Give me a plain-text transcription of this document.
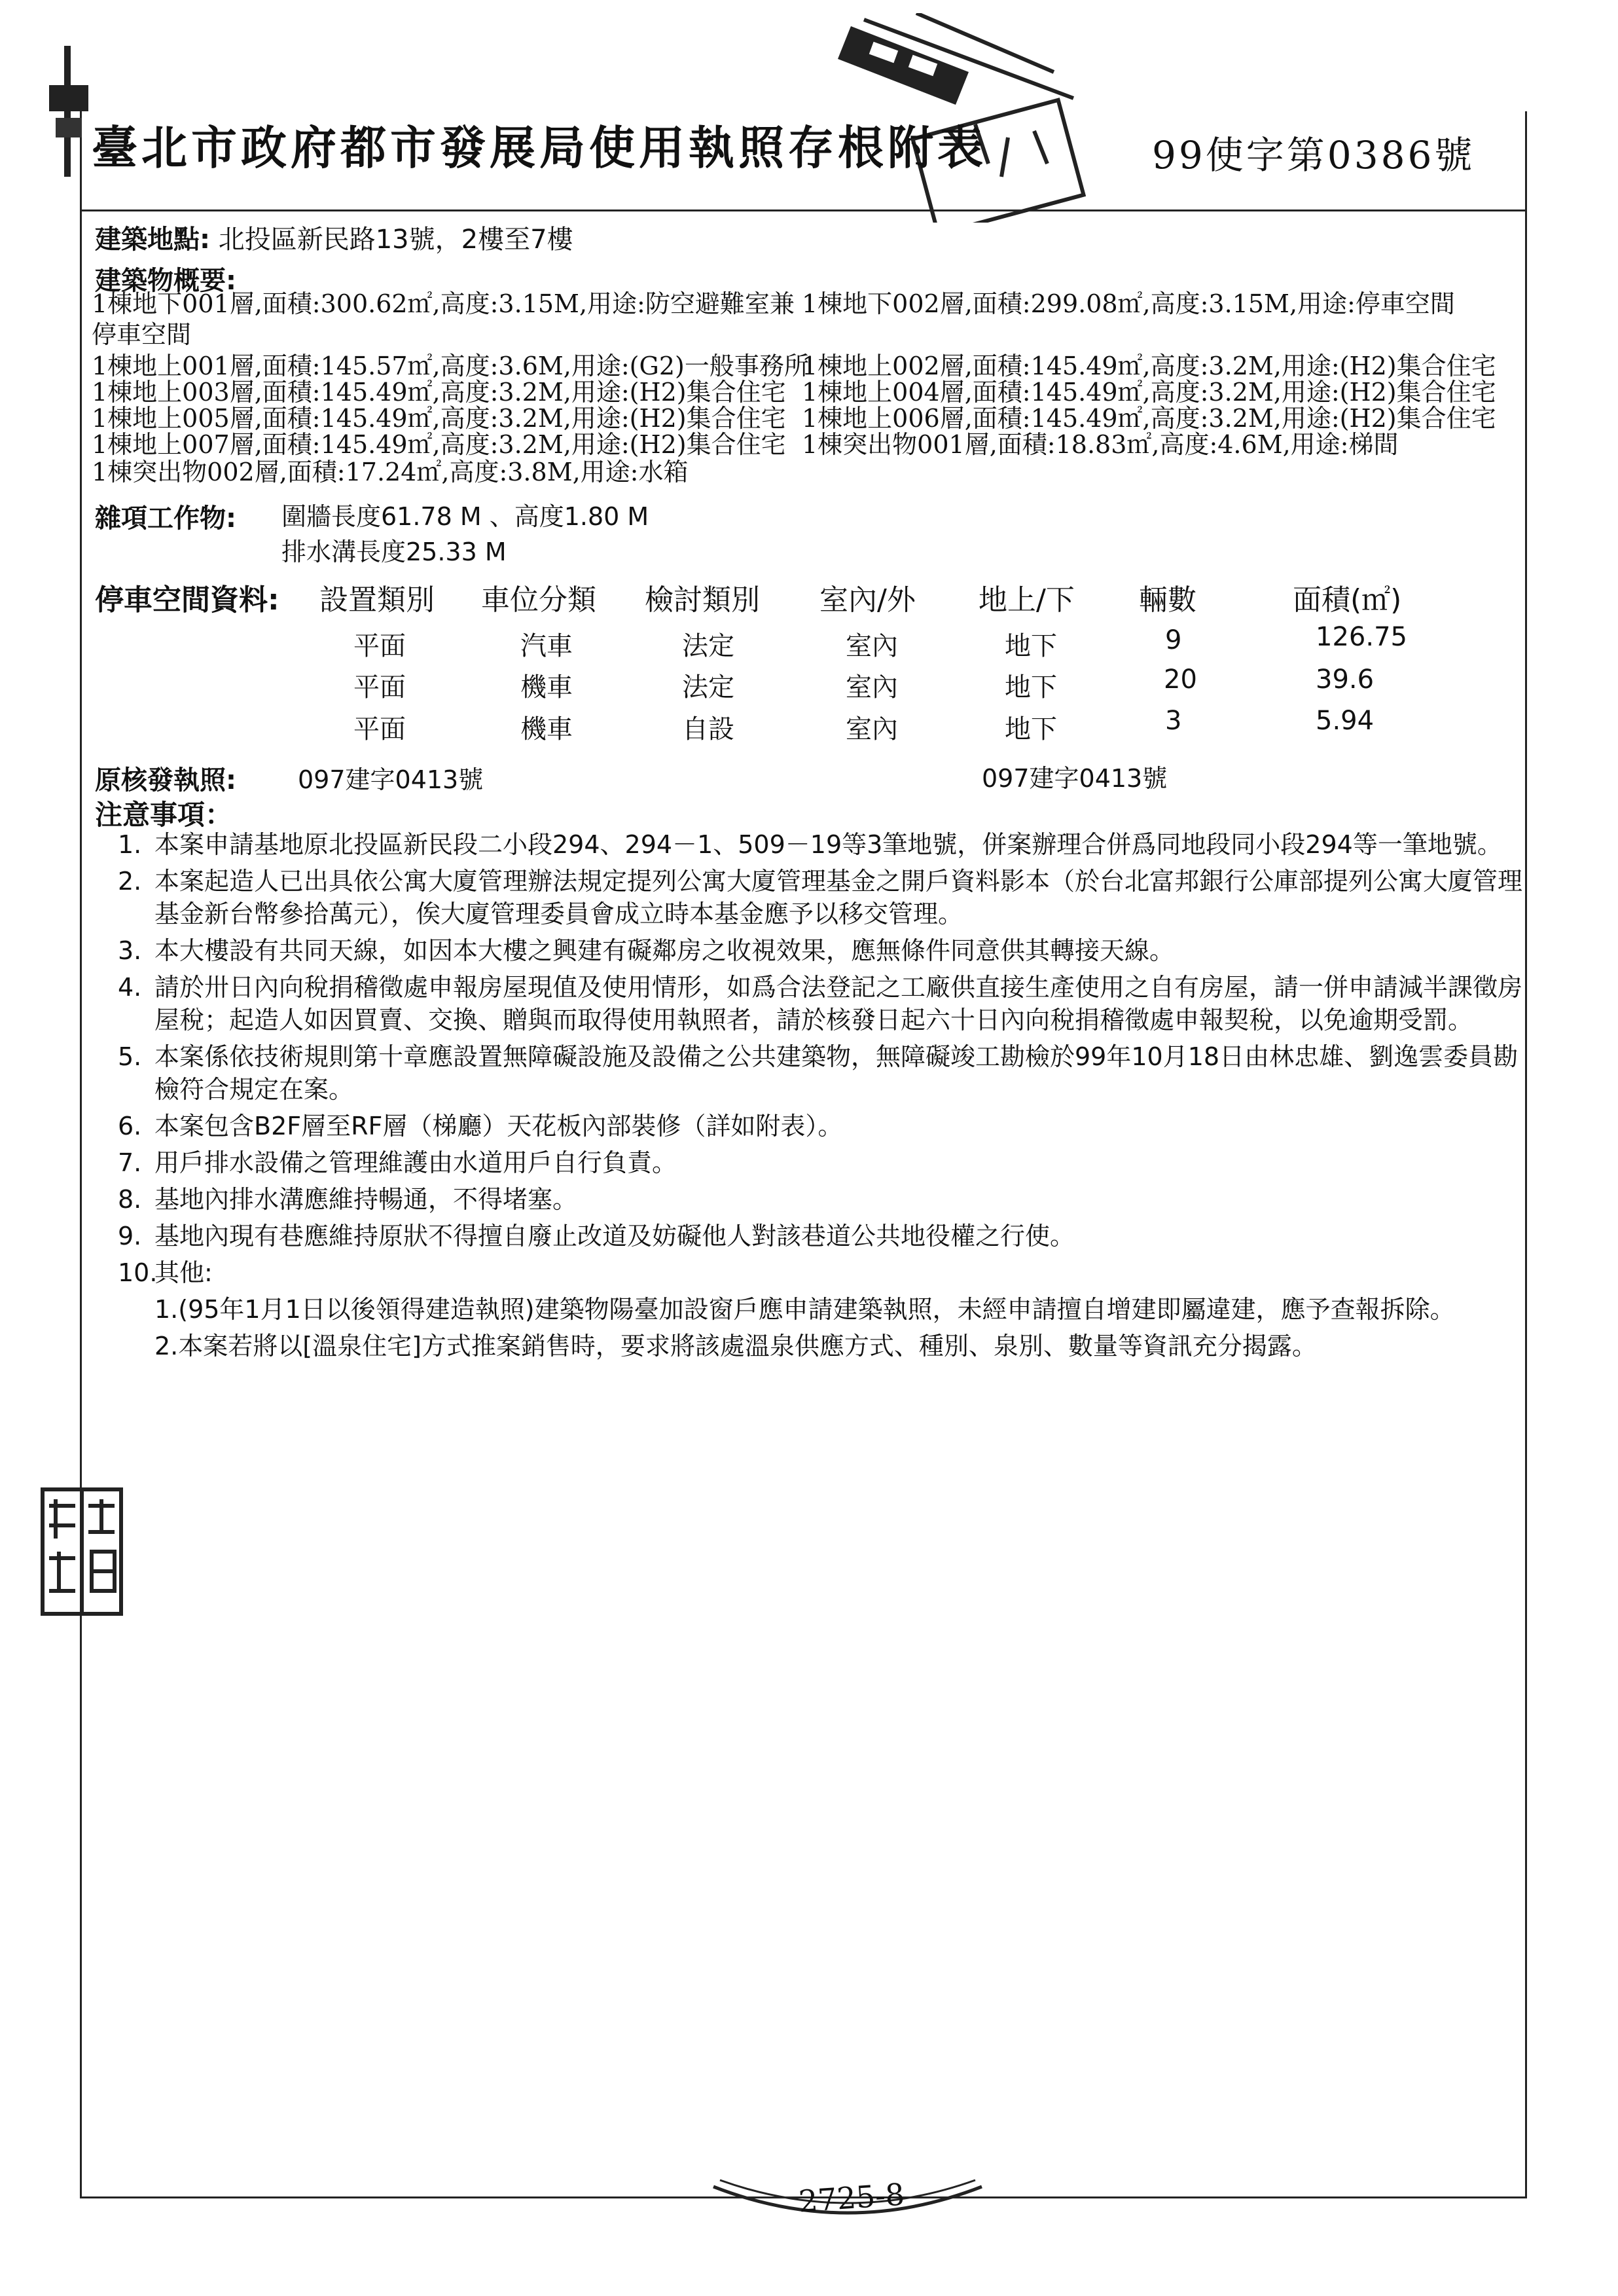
臺北市政府都市發展局使用執照存根附表	99使字第0386號
建築地點: 北投區新民路13號，2樓至7樓
建築物概要:
1棟地下001層,面積:300.62㎡,高度:3.15M,用途:防空避難室兼 1棟地下002層,面積:299.08㎡,高度:3.15M,用途:停車空間
停車空間
1棟地上001層,面積:145.57㎡,高度:3.6M,用途:(G2)一般事務所
1棟地上002層,面積:145.49㎡,高度:3.2M,用途:(H2)集合住宅
1棟地上003層,面積:145.49㎡,高度:3.2M,用途:(H2)集合住宅 1棟地上004層,面積:145.49㎡,高度:3.2M,用途:(H2)集合住宅
1棟地上005層,面積:145.49㎡,高度:3.2M,用途:(H2)集合住宅 1棟地上006層,面積:145.49㎡,高度:3.2M,用途:(H2)集合住宅
1棟地上007層,面積:145.49㎡,高度:3.2M,用途:(H2)集合住宅 1棟突出物001層,面積:18.83㎡,高度:4.6M,用途:梯間
1棟突出物002層,面積:17.24㎡,高度:3.8M,用途:水箱
雜項工作物: 圍牆長度61.78 M 、高度1.80 M
排水溝長度25.33 M
停車空間資料: 設置類別 車位分類 檢討類別 室內/外 地上/下 輛數	面積(㎡)
平面	汽車	法定	室內	地下	9	126.75
平面	機車	法定	室內	地下	20	39.6
平面	機車	自設	室內	地下	3	5.94
原核發執照: 097建字0413號	097建字0413號
注意事項：
1. 本案申請基地原北投區新民段二小段294、294－1、509－19等3筆地號，併案辦理合併爲同地段同小段294等一筆地號。
2. 本案起造人已出具依公寓大廈管理辦法規定提列公寓大廈管理基金之開戶資料影本（於台北富邦銀行公庫部提列公寓大廈管理基金新台幣參拾萬元），俟大廈管理委員會成立時本基金應予以移交管理。
3. 本大樓設有共同天線，如因本大樓之興建有礙鄰房之收視效果，應無條件同意供其轉接天線。
4. 請於卅日內向稅捐稽徵處申報房屋現值及使用情形，如爲合法登記之工廠供直接生產使用之自有房屋，請一併申請減半課徵房屋稅；起造人如因買賣、交換、贈與而取得使用執照者，請於核發日起六十日內向稅捐稽徵處申報契稅，以免逾期受罰。
5. 本案係依技術規則第十章應設置無障礙設施及設備之公共建築物，無障礙竣工勘檢於99年10月18日由林忠雄、劉逸雲委員勘檢符合規定在案。
6. 本案包含B2F層至RF層（梯廳）天花板內部裝修（詳如附表）。
7. 用戶排水設備之管理維護由水道用戶自行負責。
8. 基地內排水溝應維持暢通，不得堵塞。
9. 基地內現有巷應維持原狀不得擅自廢止改道及妨礙他人對該巷道公共地役權之行使。
10.
其他:
1.(95年1月1日以後領得建造執照)建築物陽臺加設窗戶應申請建築執照，未經申請擅自增建即屬違建，應予查報拆除。
2.本案若將以[溫泉住宅]方式推案銷售時，要求將該處溫泉供應方式、種別、泉別、數量等資訊充分揭露。
2725-8
